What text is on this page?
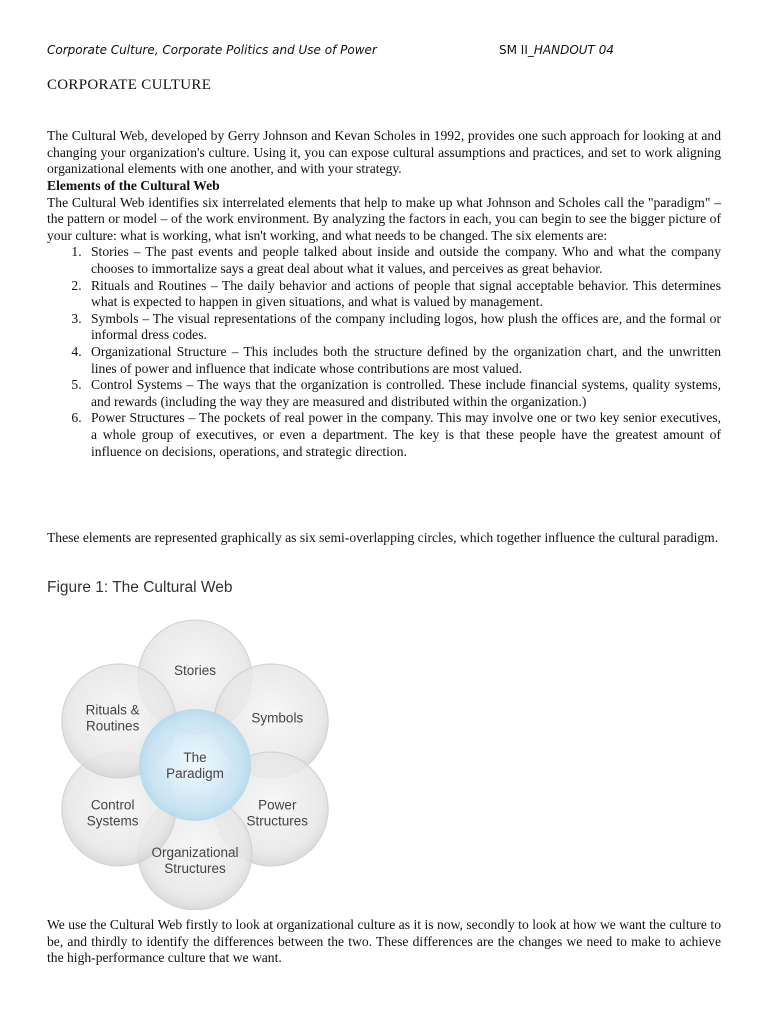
Corporate Culture, Corporate Politics and Use of Power	SM II_HANDOUT 04
CORPORATE CULTURE
The Cultural Web, developed by Gerry Johnson and Kevan Scholes in 1992, provides one such approach for looking at and changing your organization's culture. Using it, you can expose cultural assumptions and practices, and set to work aligning organizational elements with one another, and with your strategy.
Elements of the Cultural Web

The Cultural Web identifies six interrelated elements that help to make up what Johnson and Scholes call the "paradigm" – the pattern or model – of the work environment. By analyzing the factors in each, you can begin to see the bigger picture of your culture: what is working, what isn't working, and what needs to be changed. The six elements are:

1. Stories – The past events and people talked about inside and outside the company. Who and what the company chooses to immortalize says a great deal about what it values, and perceives as great behavior.
2. Rituals and Routines – The daily behavior and actions of people that signal acceptable behavior. This determines what is expected to happen in given situations, and what is valued by management.
3. Symbols – The visual representations of the company including logos, how plush the offices are, and the formal or informal dress codes.
4. Organizational Structure – This includes both the structure defined by the organization chart, and the unwritten lines of power and influence that indicate whose contributions are most valued.
5. Control Systems – The ways that the organization is controlled. These include financial systems, quality systems, and rewards (including the way they are measured and distributed within the organization.)
6. Power Structures – The pockets of real power in the company. This may involve one or two key senior executives, a whole group of executives, or even a department. The key is that these people have the greatest amount of influence on decisions, operations, and strategic direction.
These elements are represented graphically as six semi-overlapping circles, which together influence the cultural paradigm.
Figure 1: The Cultural Web
Stories
Symbols
Power Structures
Organizational Structures
Control Systems
Rituals & Routines
The Paradigm
We use the Cultural Web firstly to look at organizational culture as it is now, secondly to look at how we want the culture to be, and thirdly to identify the differences between the two. These differences are the changes we need to make to achieve the high-performance culture that we want.
